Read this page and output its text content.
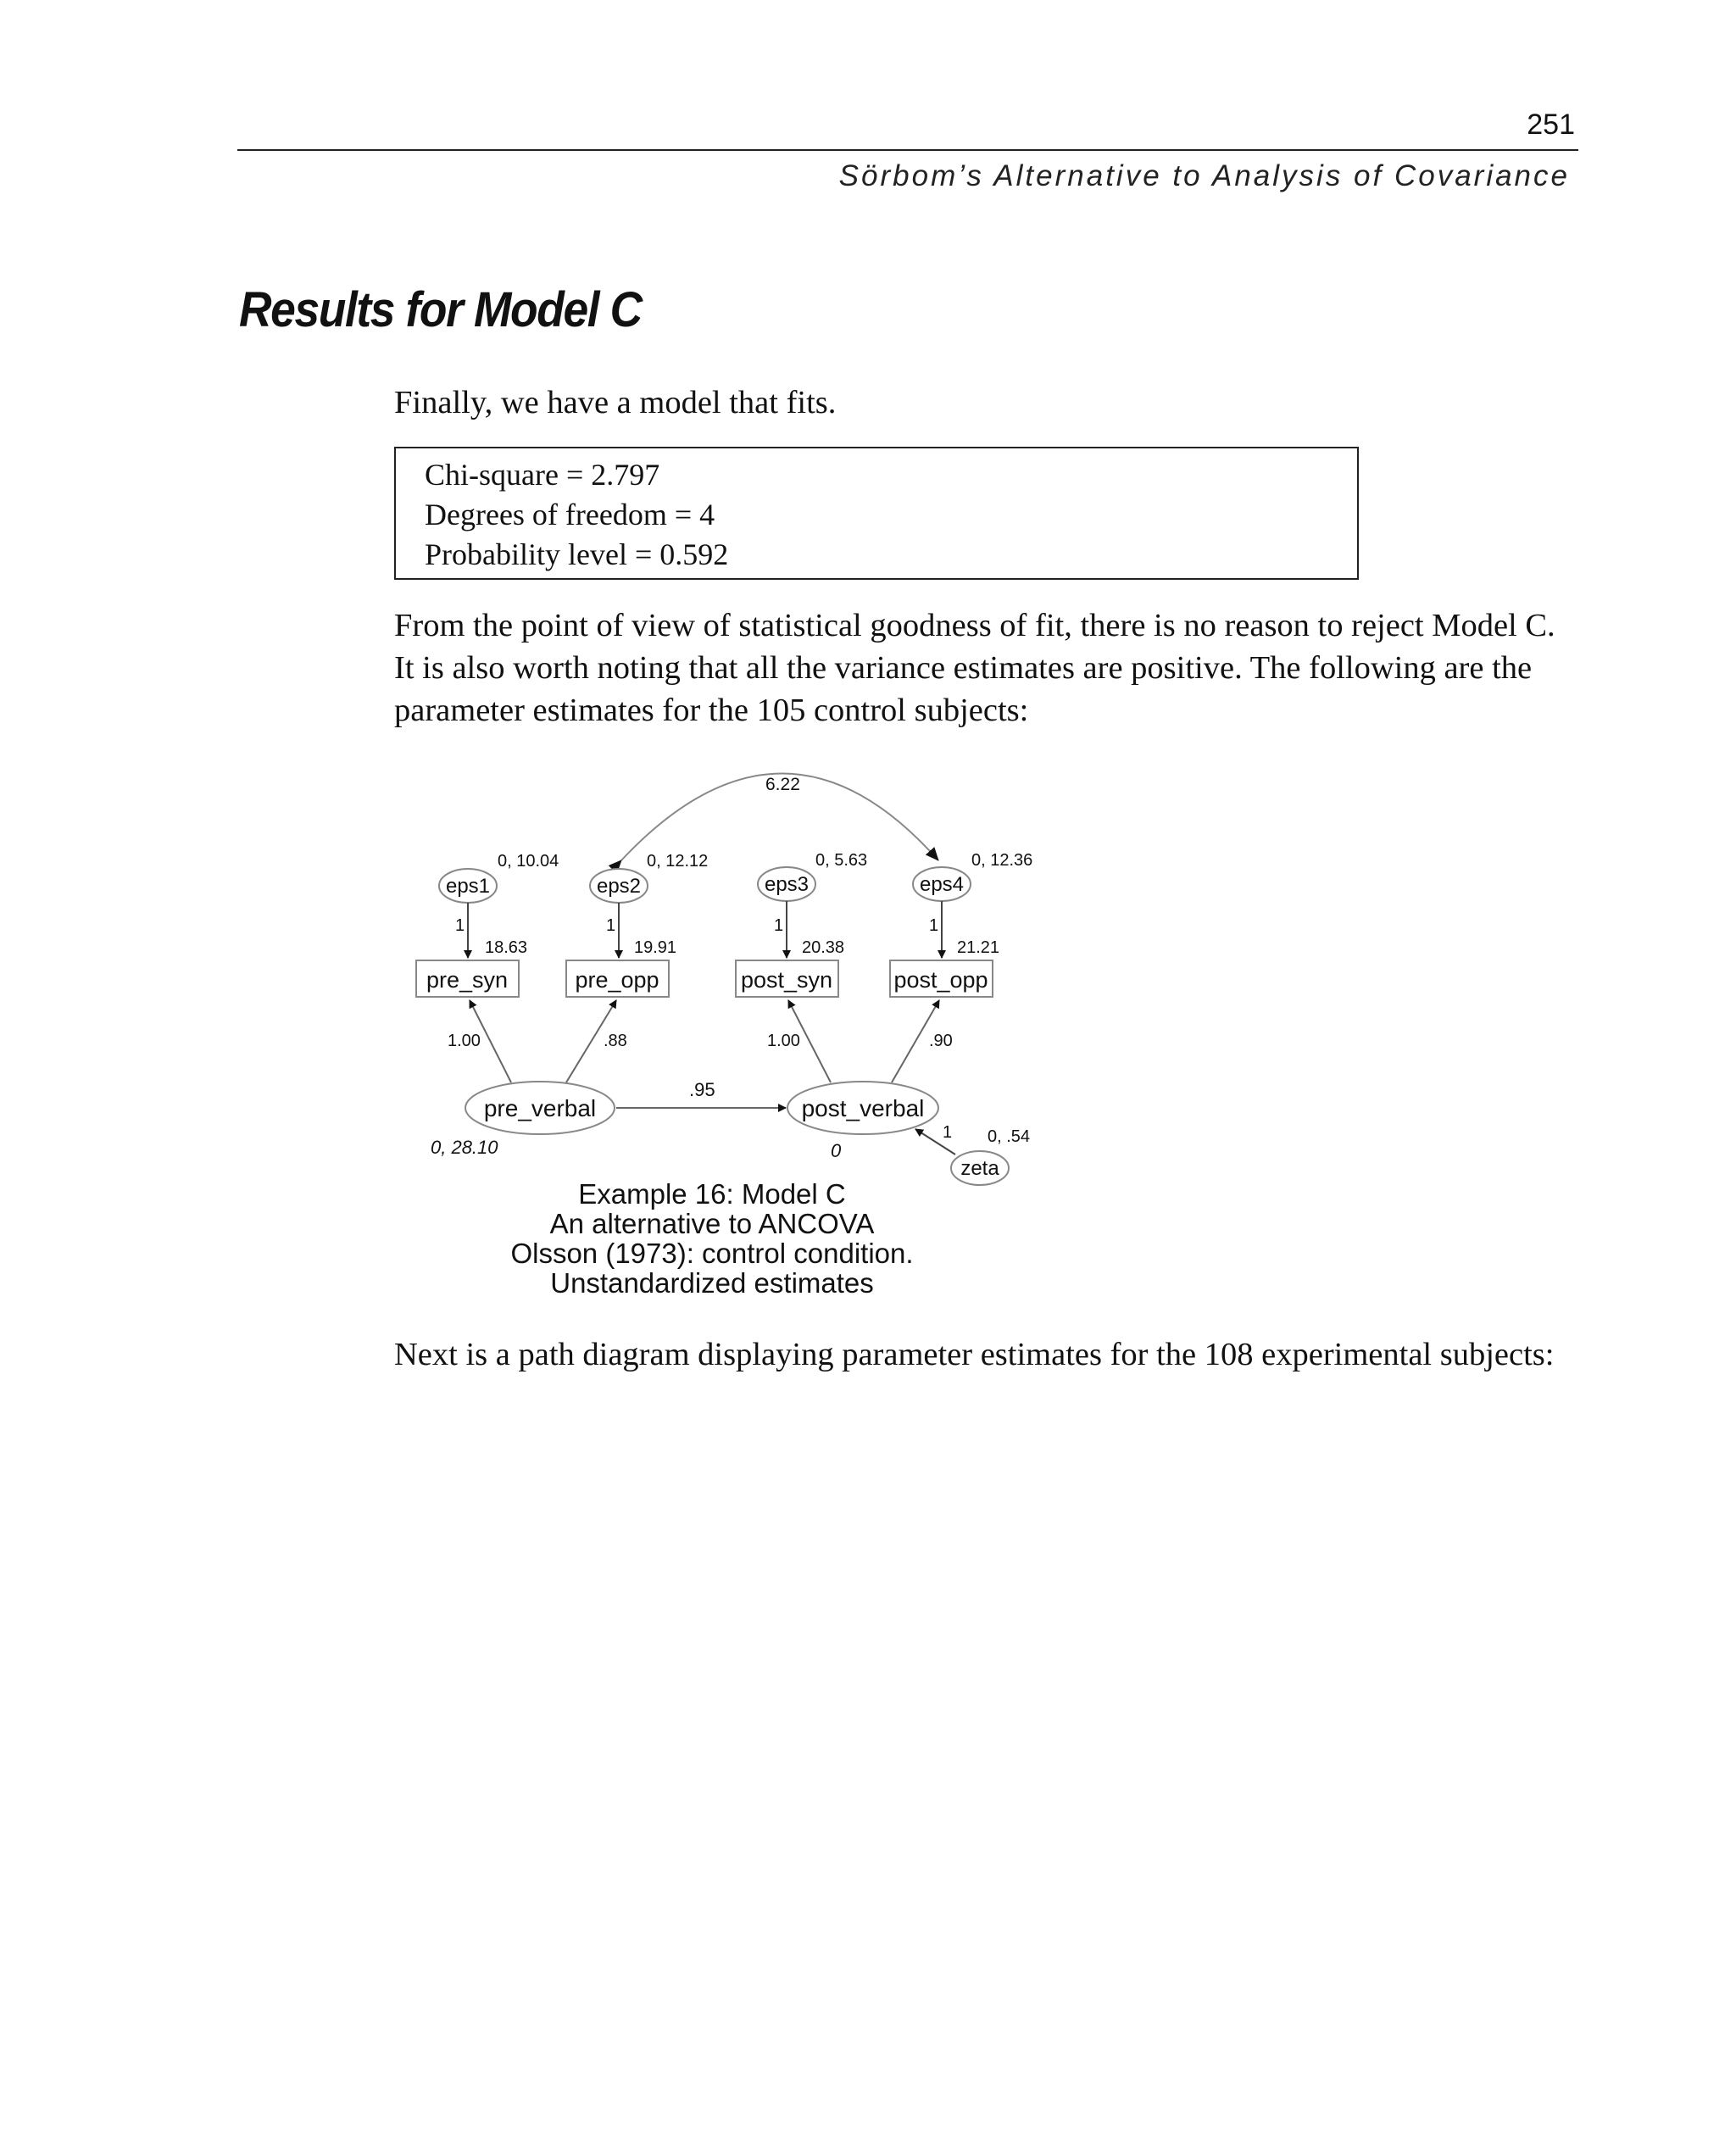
251
Sörbom’s Alternative to Analysis of Covariance
Results for Model C

Finally, we have a model that fits.

Chi-square = 2.797
Degrees of freedom = 4
Probability level = 0.592

From the point of view of statistical goodness of fit, there is no reason to reject Model C. It is also worth noting that all the variance estimates are positive. The following are the parameter estimates for the 105 control subjects:

6.22
eps1
0, 10.04
eps2
0, 12.12
eps3
0, 5.63
eps4
0, 12.36
1	1	1	1
18.63	19.91	20.38	21.21
pre_syn	pre_opp	post_syn	post_opp
1.00	.88	1.00	.90
pre_verbal
0, 28.10
post_verbal
0
.95
zeta
1 0, .54
Example 16: Model C
An alternative to ANCOVA
Olsson (1973): control condition.
Unstandardized estimates

Next is a path diagram displaying parameter estimates for the 108 experimental subjects:
